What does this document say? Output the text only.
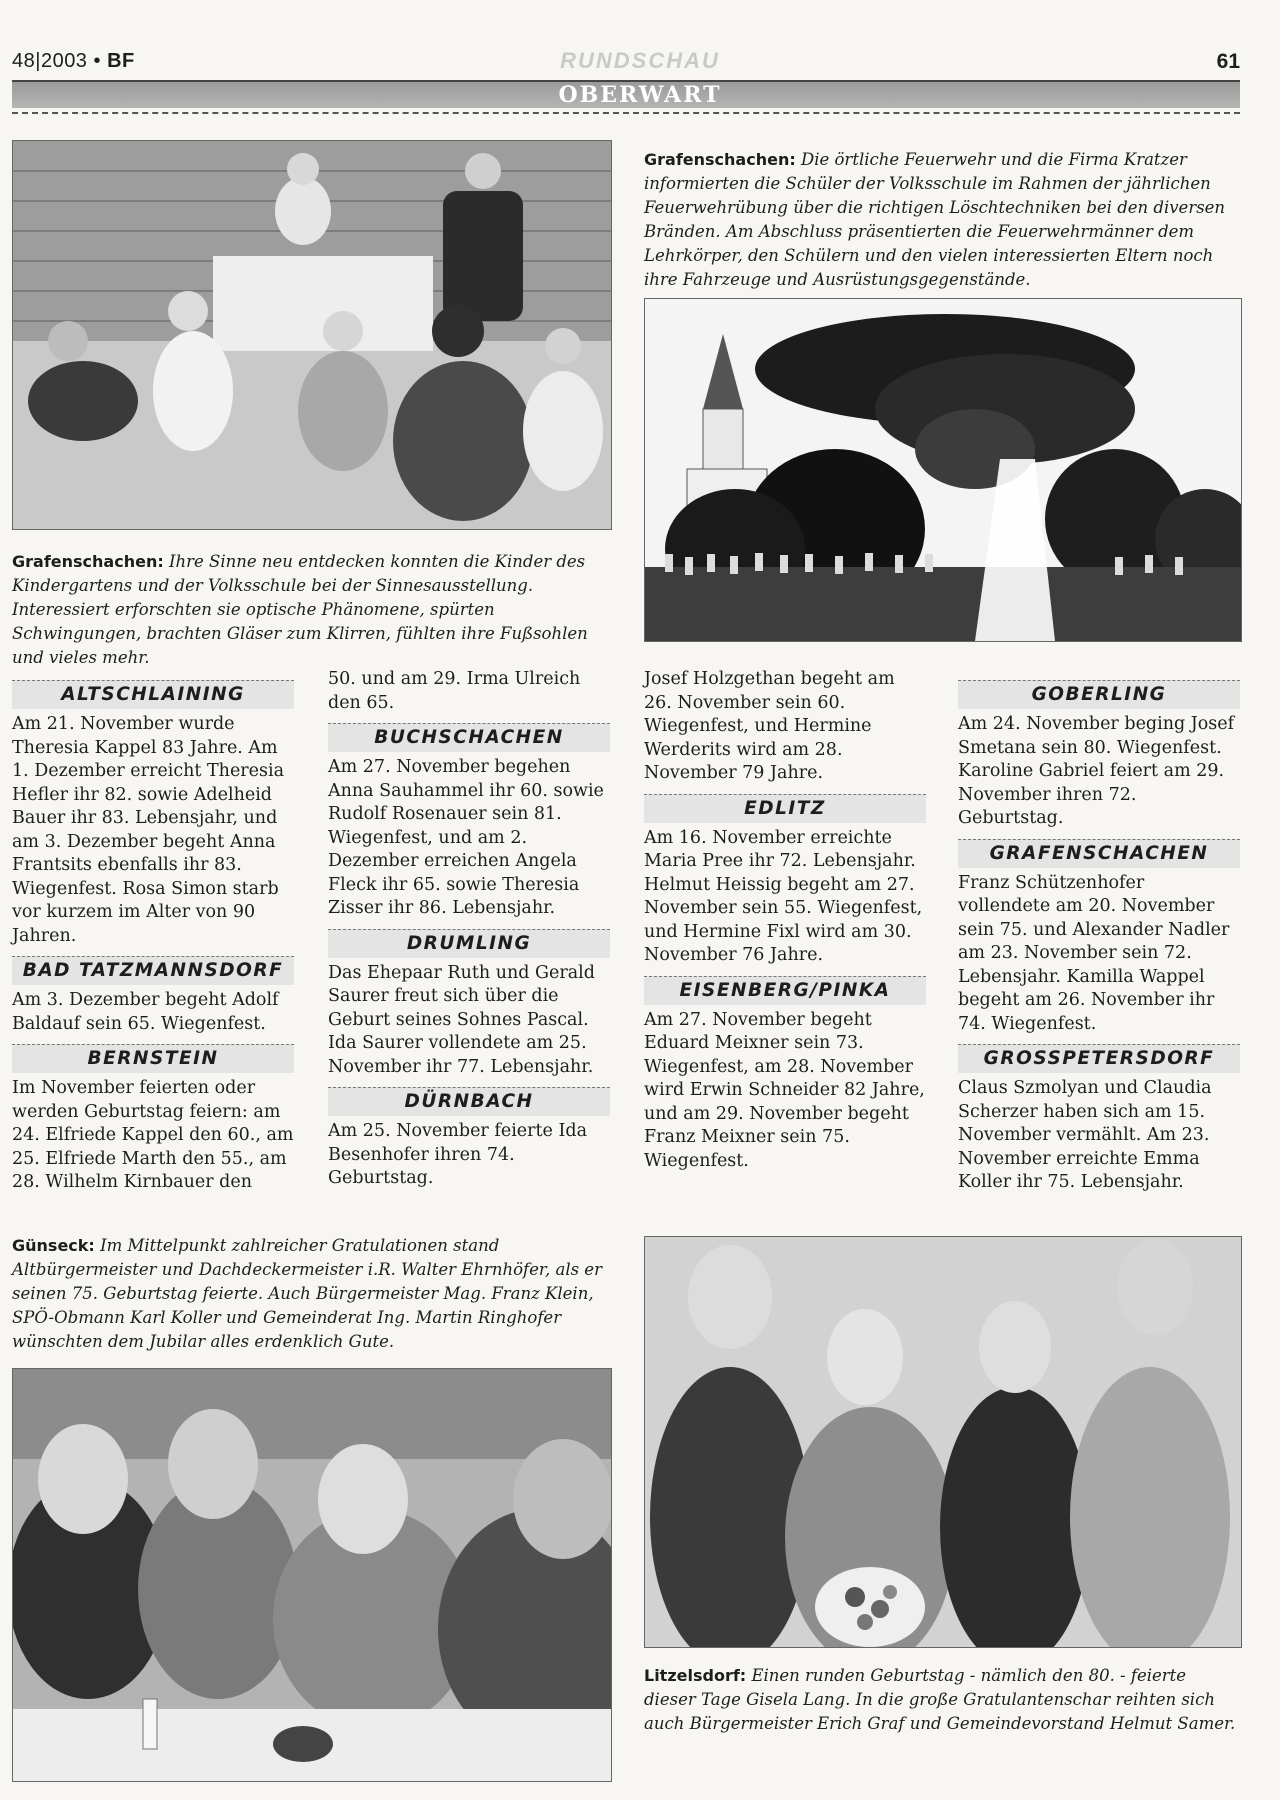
48|2003 • BF	RUNDSCHAU	61
OBERWART
Grafenschachen: Die örtliche Feuerwehr und die Firma Kratzer informierten die Schüler der Volksschule im Rahmen der jährlichen Feuerwehrübung über die richtigen Löschtechniken bei den diversen Bränden. Am Abschluss präsentierten die Feuerwehrmänner dem Lehrkörper, den Schülern und den vielen interessierten Eltern noch ihre Fahrzeuge und Ausrüstungsgegenstände.
Grafenschachen: Ihre Sinne neu entdecken konnten die Kinder des Kindergartens und der Volksschule bei der Sinnesausstellung. Interessiert erforschten sie optische Phänomene, spürten Schwingungen, brachten Gläser zum Klirren, fühlten ihre Fußsohlen und vieles mehr.
ALTSCHLAINING

Am 21. November wurde Theresia Kappel 83 Jahre. Am 1. Dezember erreicht Theresia Hefler ihr 82. sowie Adelheid Bauer ihr 83. Lebensjahr, und am 3. Dezember begeht Anna Frantsits ebenfalls ihr 83. Wiegenfest. Rosa Simon starb vor kurzem im Alter von 90 Jahren.

BAD TATZMANNSDORF

Am 3. Dezember begeht Adolf Baldauf sein 65. Wiegenfest.

BERNSTEIN

Im November feierten oder werden Geburtstag feiern: am 24. Elfriede Kappel den 60., am 25. Elfriede Marth den 55., am 28. Wilhelm Kirnbauer den

50. und am 29. Irma Ulreich den 65.

BUCHSCHACHEN

Am 27. November begehen Anna Sauhammel ihr 60. sowie Rudolf Rosenauer sein 81. Wiegenfest, und am 2. Dezember erreichen Angela Fleck ihr 65. sowie Theresia Zisser ihr 86. Lebensjahr.

DRUMLING

Das Ehepaar Ruth und Gerald Saurer freut sich über die Geburt seines Sohnes Pascal. Ida Saurer vollendete am 25. November ihr 77. Lebensjahr.

DÜRNBACH

Am 25. November feierte Ida Besenhofer ihren 74. Geburtstag.

Josef Holzgethan begeht am 26. November sein 60. Wiegenfest, und Hermine Werderits wird am 28. November 79 Jahre.

EDLITZ

Am 16. November erreichte Maria Pree ihr 72. Lebensjahr. Helmut Heissig begeht am 27. November sein 55. Wiegenfest, und Hermine Fixl wird am 30. November 76 Jahre.

EISENBERG/PINKA

Am 27. November begeht Eduard Meixner sein 73. Wiegenfest, am 28. November wird Erwin Schneider 82 Jahre, und am 29. November begeht Franz Meixner sein 75. Wiegenfest.

GOBERLING

Am 24. November beging Josef Smetana sein 80. Wiegenfest. Karoline Gabriel feiert am 29. November ihren 72. Geburtstag.

GRAFENSCHACHEN

Franz Schützenhofer vollendete am 20. November sein 75. und Alexander Nadler am 23. November sein 72. Lebensjahr. Kamilla Wappel begeht am 26. November ihr 74. Wiegenfest.

GROSSPETERSDORF

Claus Szmolyan und Claudia Scherzer haben sich am 15. November vermählt. Am 23. November erreichte Emma Koller ihr 75. Lebensjahr.

Günseck: Im Mittelpunkt zahlreicher Gratulationen stand Altbürgermeister und Dachdeckermeister i.R. Walter Ehrnhöfer, als er seinen 75. Geburtstag feierte. Auch Bürgermeister Mag. Franz Klein, SPÖ-Obmann Karl Koller und Gemeinderat Ing. Martin Ringhofer wünschten dem Jubilar alles erdenklich Gute.
Litzelsdorf: Einen runden Geburtstag - nämlich den 80. - feierte dieser Tage Gisela Lang. In die große Gratulantenschar reihten sich auch Bürgermeister Erich Graf und Gemeindevorstand Helmut Samer.
